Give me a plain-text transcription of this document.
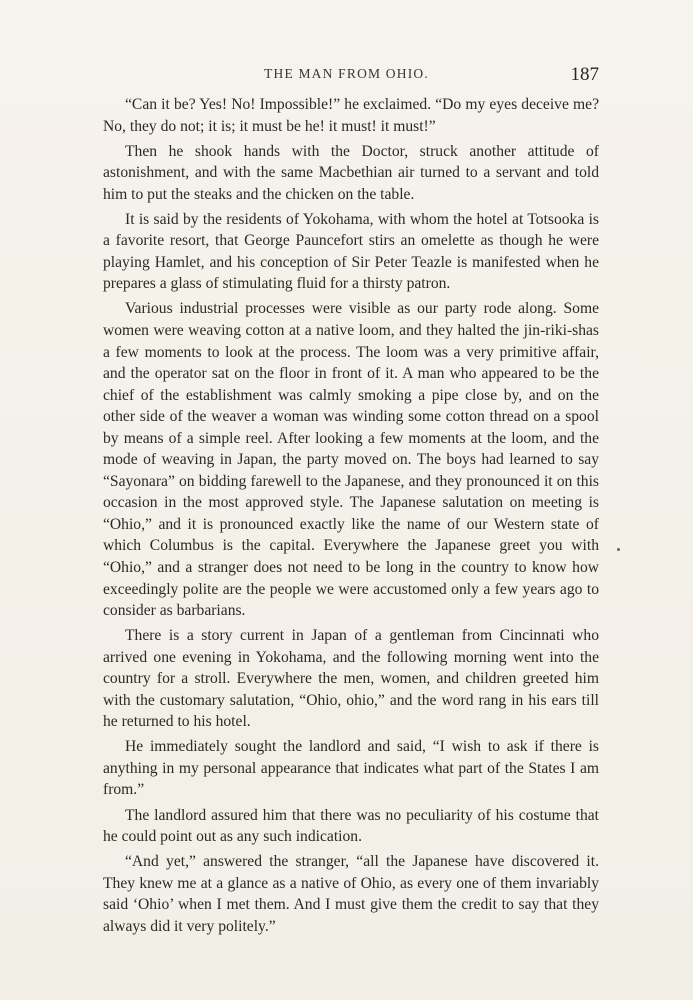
THE MAN FROM OHIO.	187

“Can it be? Yes! No! Impossible!” he exclaimed. “Do my eyes deceive me? No, they do not; it is; it must be he! it must! it must!”

Then he shook hands with the Doctor, struck another attitude of astonishment, and with the same Macbethian air turned to a servant and told him to put the steaks and the chicken on the table.

It is said by the residents of Yokohama, with whom the hotel at Totsooka is a favorite resort, that George Pauncefort stirs an omelette as though he were playing Hamlet, and his conception of Sir Peter Teazle is manifested when he prepares a glass of stimulating fluid for a thirsty patron.

Various industrial processes were visible as our party rode along. Some women were weaving cotton at a native loom, and they halted the jin-riki-shas a few moments to look at the process. The loom was a very primitive affair, and the operator sat on the floor in front of it. A man who appeared to be the chief of the establishment was calmly smoking a pipe close by, and on the other side of the weaver a woman was winding some cotton thread on a spool by means of a simple reel. After looking a few moments at the loom, and the mode of weaving in Japan, the party moved on. The boys had learned to say “Sayonara” on bidding farewell to the Japanese, and they pronounced it on this occasion in the most approved style. The Japanese salutation on meeting is “Ohio,” and it is pronounced exactly like the name of our Western state of which Columbus is the capital. Everywhere the Japanese greet you with “Ohio,” and a stranger does not need to be long in the country to know how exceedingly polite are the people we were accustomed only a few years ago to consider as barbarians.

There is a story current in Japan of a gentleman from Cincinnati who arrived one evening in Yokohama, and the following morning went into the country for a stroll. Everywhere the men, women, and children greeted him with the customary salutation, “Ohio, ohio,” and the word rang in his ears till he returned to his hotel.

He immediately sought the landlord and said, “I wish to ask if there is anything in my personal appearance that indicates what part of the States I am from.”

The landlord assured him that there was no peculiarity of his costume that he could point out as any such indication.

“And yet,” answered the stranger, “all the Japanese have discovered it. They knew me at a glance as a native of Ohio, as every one of them invariably said ‘Ohio’ when I met them. And I must give them the credit to say that they always did it very politely.”
